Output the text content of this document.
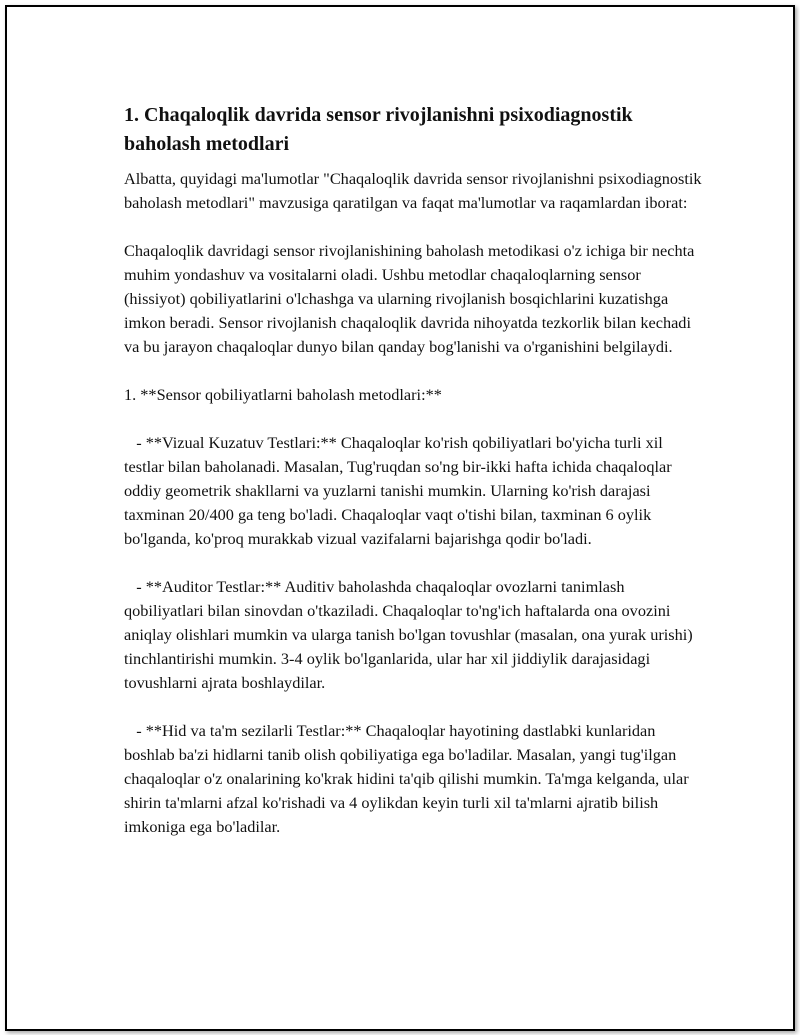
1. Chaqaloqlik davrida sensor rivojlanishni psixodiagnostik baholash metodlari

Albatta, quyidagi ma'lumotlar "Chaqaloqlik davrida sensor rivojlanishni psixodiagnostik baholash metodlari" mavzusiga qaratilgan va faqat ma'lumotlar va raqamlardan iborat:

Chaqaloqlik davridagi sensor rivojlanishining baholash metodikasi o'z ichiga bir nechta muhim yondashuv va vositalarni oladi. Ushbu metodlar chaqaloqlarning sensor (hissiyot) qobiliyatlarini o'lchashga va ularning rivojlanish bosqichlarini kuzatishga imkon beradi. Sensor rivojlanish chaqaloqlik davrida nihoyatda tezkorlik bilan kechadi va bu jarayon chaqaloqlar dunyo bilan qanday bog'lanishi va o'rganishini belgilaydi.

1. **Sensor qobiliyatlarni baholash metodlari:**

- **Vizual Kuzatuv Testlari:** Chaqaloqlar ko'rish qobiliyatlari bo'yicha turli xil testlar bilan baholanadi. Masalan, Tug'ruqdan so'ng bir-ikki hafta ichida chaqaloqlar oddiy geometrik shakllarni va yuzlarni tanishi mumkin. Ularning ko'rish darajasi taxminan 20/400 ga teng bo'ladi. Chaqaloqlar vaqt o'tishi bilan, taxminan 6 oylik bo'lganda, ko'proq murakkab vizual vazifalarni bajarishga qodir bo'ladi.

- **Auditor Testlar:** Auditiv baholashda chaqaloqlar ovozlarni tanimlash qobiliyatlari bilan sinovdan o'tkaziladi. Chaqaloqlar to'ng'ich haftalarda ona ovozini aniqlay olishlari mumkin va ularga tanish bo'lgan tovushlar (masalan, ona yurak urishi) tinchlantirishi mumkin. 3-4 oylik bo'lganlarida, ular har xil jiddiylik darajasidagi tovushlarni ajrata boshlaydilar.

- **Hid va ta'm sezilarli Testlar:** Chaqaloqlar hayotining dastlabki kunlaridan boshlab ba'zi hidlarni tanib olish qobiliyatiga ega bo'ladilar. Masalan, yangi tug'ilgan chaqaloqlar o'z onalarining ko'krak hidini ta'qib qilishi mumkin. Ta'mga kelganda, ular shirin ta'mlarni afzal ko'rishadi va 4 oylikdan keyin turli xil ta'mlarni ajratib bilish imkoniga ega bo'ladilar.
